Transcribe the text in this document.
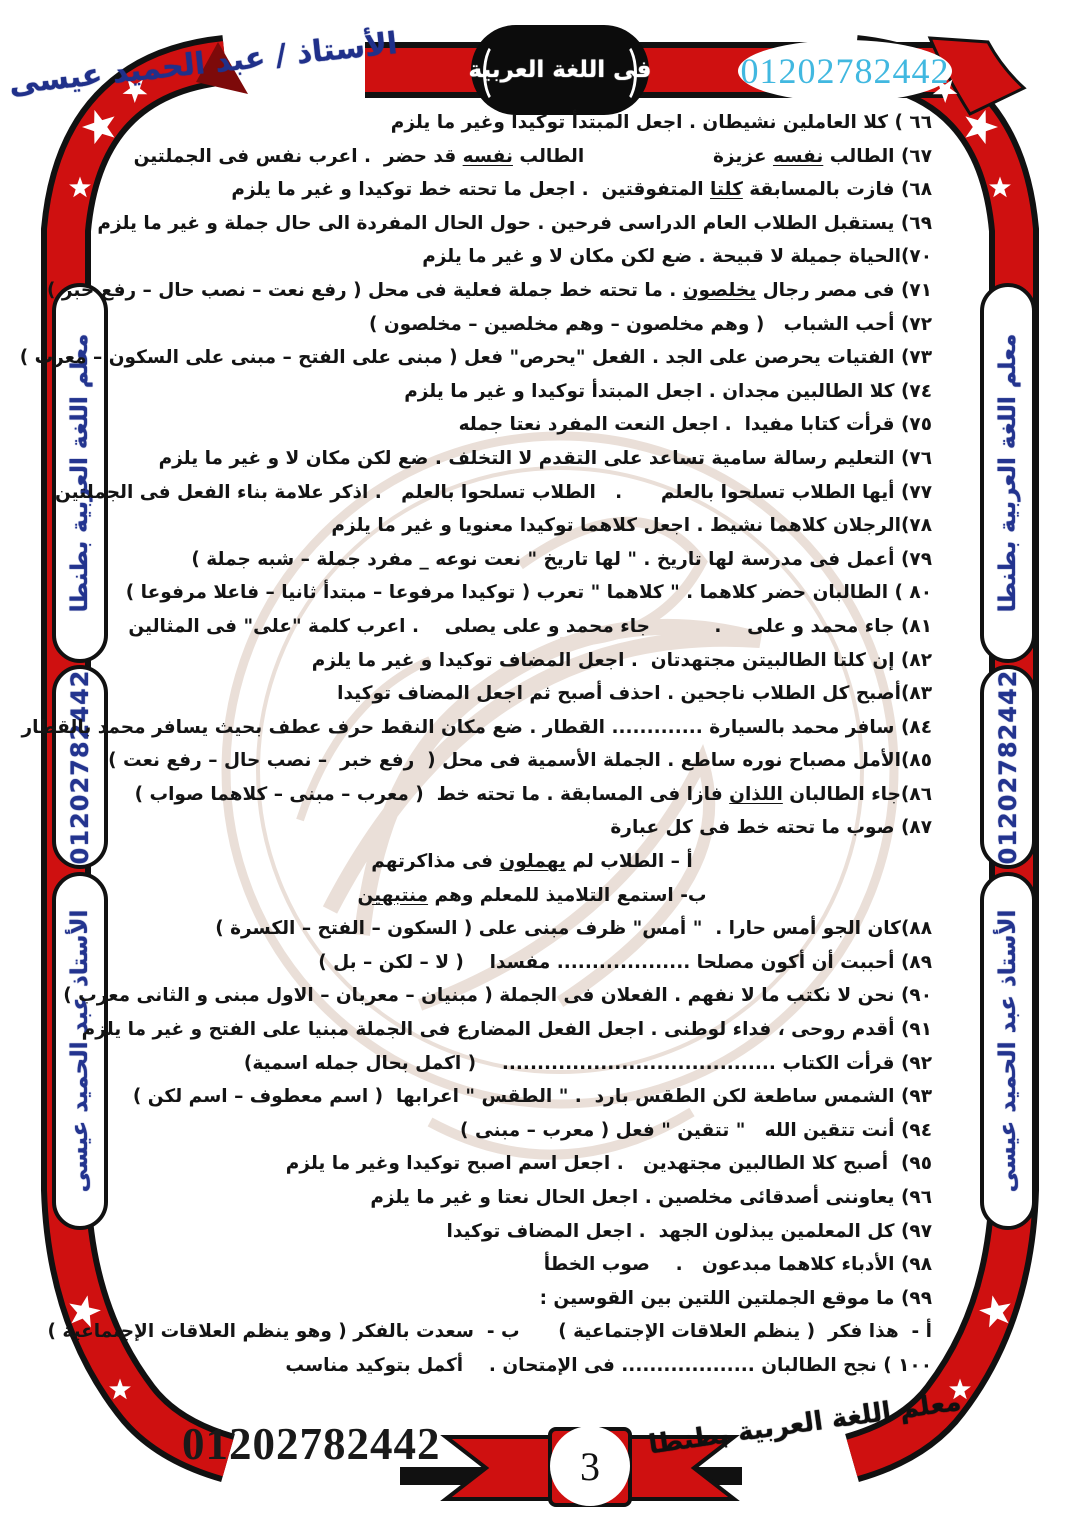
الأستاذ / عبد الحميد عيسى	فى اللغة العربية 01202782442
معلم اللغة العربية بطنطا
01202782442
الأستاذ عبد الحميد عيسى
معلم اللغة العربية بطنطا
01202782442
الأستاذ عبد الحميد عيسى
٦٦ ) كلا العاملين نشيطان . اجعل المبتدأ توكيدا وغير ما يلزم
٦٧) الطالب نفسه عزيزة                    الطالب نفسه قد حضر  . اعرب نفس فى الجملتين
٦٨) فازت بالمسابقة كلتا المتفوقتين  . اجعل ما تحته خط توكيدا و غير ما يلزم
٦٩) يستقبل الطلاب العام الدراسى فرحين . حول الحال المفردة الى حال جملة و غير ما يلزم
٧٠)الحياة جميلة لا قبيحة . ضع لكن مكان لا و غير ما يلزم
٧١) فى مصر رجال يخلصون . ما تحته خط جملة فعلية فى محل ( رفع نعت – نصب حال – رفع خبر )
٧٢) أحب الشباب   ( وهم مخلصون – وهم مخلصين – مخلصون )
٧٣) الفتيات يحرصن على الجد . الفعل "يحرص" فعل ( مبنى على الفتح – مبنى على السكون – معرب )
٧٤) كلا الطالبين مجدان . اجعل المبتدأ توكيدا و غير ما يلزم
٧٥) قرأت كتابا مفيدا  . اجعل النعت المفرد نعتا جمله
٧٦) التعليم رسالة سامية تساعد على التقدم لا التخلف . ضع لكن مكان لا و غير ما يلزم
٧٧) أيها الطلاب تسلحوا بالعلم      .   الطلاب تسلحوا بالعلم   . اذكر علامة بناء الفعل فى الجملتين
٧٨)الرجلان كلاهما نشيط . اجعل كلاهما توكيدا معنويا و غير ما يلزم
٧٩) أعمل فى مدرسة لها تاريخ . " لها تاريخ " نعت نوعه _ مفرد جملة – شبه جملة )
٨٠ ) الطالبان حضر كلاهما . " كلاهما " تعرب ( توكيدا مرفوعا – مبتدأ ثانيا – فاعلا مرفوعا )
٨١) جاء محمد و على    .          جاء محمد و على يصلى    . اعرب كلمة "على" فى المثالين
٨٢) إن كلتا الطالبيتن مجتهدتان  . اجعل المضاف توكيدا و غير ما يلزم
٨٣)أصبح كل الطلاب ناجحين . احذف أصبح ثم اجعل المضاف توكيدا
٨٤) سافر محمد بالسيارة ............. القطار . ضع مكان النقط حرف عطف بحيث يسافر محمد بالقطار
٨٥)الأمل مصباح نوره ساطع . الجملة الأسمية فى محل (  رفع خبر  – نصب حال – رفع نعت )
٨٦)جاء الطالبان اللذان فازا فى المسابقة . ما تحته خط  ( معرب – مبنى – كلاهما صواب )
٨٧) صوب ما تحته خط فى كل عبارة
أ – الطلاب لم يهملون فى مذاكرتهم
ب- استمع التلاميذ للمعلم وهم منتبهين
٨٨)كان الجو أمس حارا .  " أمس" ظرف مبنى على ( السكون – الفتح – الكسرة )
٨٩) أحببت أن أكون مصلحا ................... مفسدا    ( لا – لكن – بل )
٩٠) نحن لا نكتب ما لا نفهم . الفعلان فى الجملة ( مبنيان – معربان – الاول مبنى و الثانى معرب )
٩١) أقدم روحى ، فداء لوطنى . اجعل الفعل المضارع فى الجملة مبنيا على الفتح و غير ما يلزم
٩٢) قرأت الكتاب .......................................    ( اكمل بحال جمله اسمية)
٩٣) الشمس ساطعة لكن الطقس بارد  . " الطقس " اعرابها  ( اسم معطوف – اسم لكن )
٩٤) أنت تتقين الله   " تتقين " فعل ( معرب – مبنى )
٩٥)  أصبح كلا الطالبين مجتهدين   . اجعل اسم اصبح توكيدا وغير ما يلزم
٩٦) يعاوننى أصدقائى مخلصين . اجعل الحال نعتا و غير ما يلزم
٩٧) كل المعلمين يبذلون الجهد  . اجعل المضاف توكيدا
٩٨) الأدباء كلاهما مبدعون   .    صوب الخطأ
٩٩) ما موقع الجملتين اللتين بين القوسين :
أ -  هذا فكر  ( ينظم العلاقات الإجتماعية )      ب -  سعدت بالفكر ( وهو ينظم العلاقات الإجتماعية )
١٠٠ ) نجح الطالبان ................... فى الإمتحان .    أكمل بتوكيد مناسب
01202782442	3
معلم اللغة العربية بطنطا
